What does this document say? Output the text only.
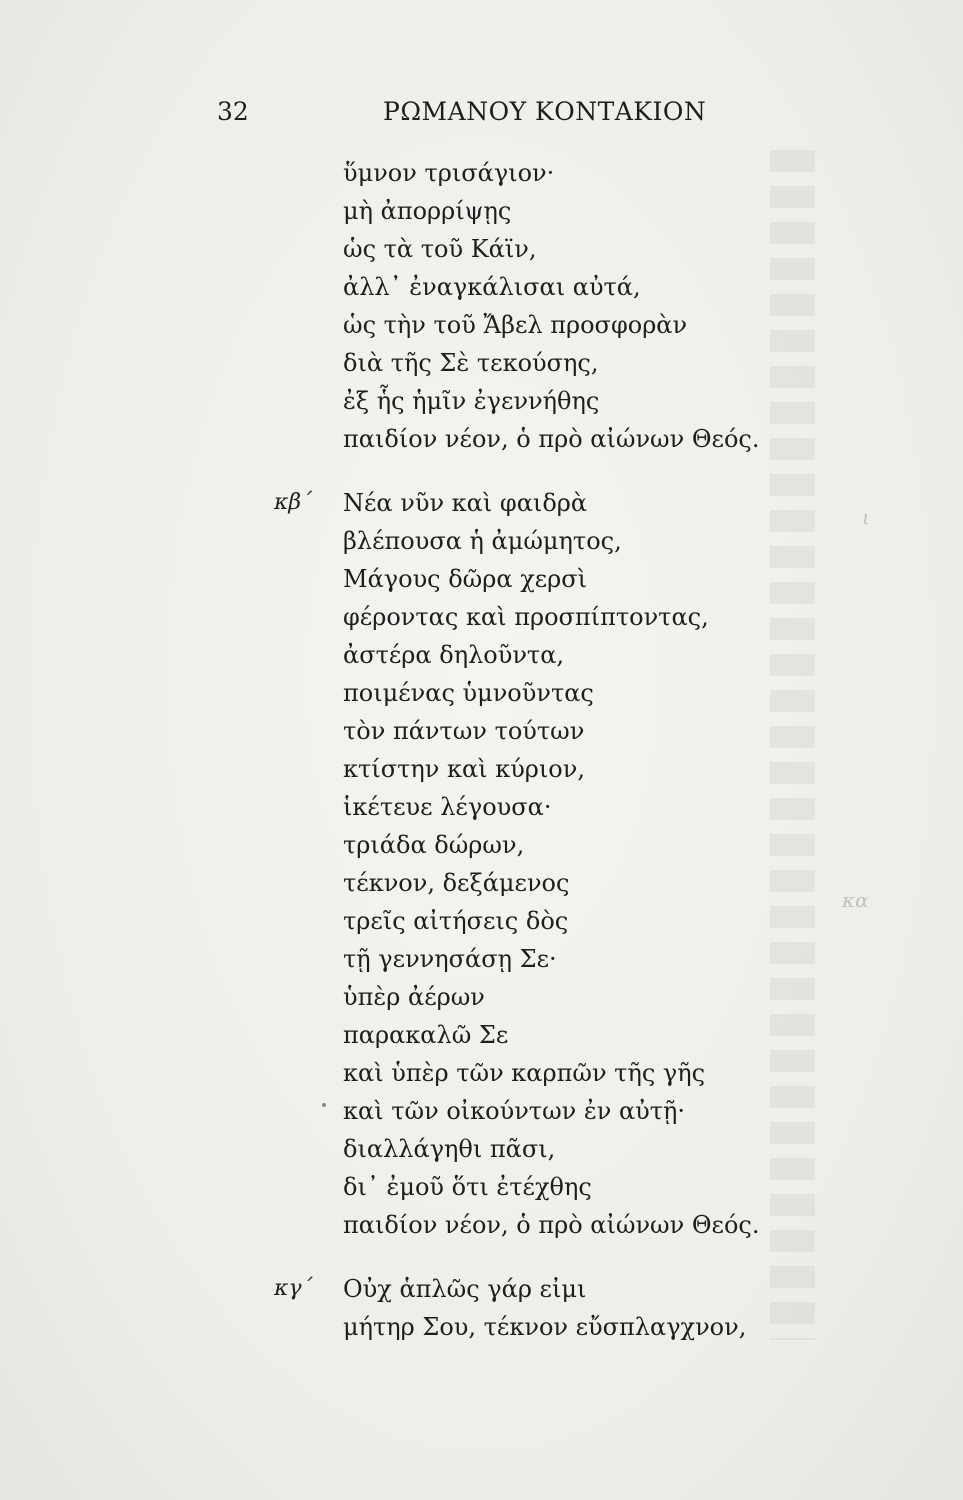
ι
κα
32	ΡΩΜΑΝΟΥ ΚΟΝΤΑΚΙΟΝ
ὕμνον τρισάγιον·
μὴ ἀπορρίψῃς
ὡς τὰ τοῦ Κάϊν,
ἀλλ᾽ ἐναγκάλισαι αὐτά,
ὡς τὴν τοῦ Ἄβελ προσφορὰν
διὰ τῆς Σὲ τεκούσης,
ἐξ ἧς ἡμῖν ἐγεννήθης
παιδίον νέον, ὁ πρὸ αἰώνων Θεός.
κβ΄ Νέα νῦν καὶ φαιδρὰ
βλέπουσα ἡ ἀμώμητος,
Μάγους δῶρα χερσὶ
φέροντας καὶ προσπίπτοντας,
ἀστέρα δηλοῦντα,
ποιμένας ὑμνοῦντας
τὸν πάντων τούτων
κτίστην καὶ κύριον,
ἱκέτευε λέγουσα·
τριάδα δώρων,
τέκνον, δεξάμενος
τρεῖς αἰτήσεις δὸς
τῇ γεννησάσῃ Σε·
ὑπὲρ ἀέρων
παρακαλῶ Σε
καὶ ὑπὲρ τῶν καρπῶν τῆς γῆς
καὶ τῶν οἰκούντων ἐν αὐτῇ·
διαλλάγηθι πᾶσι,
δι᾽ ἐμοῦ ὅτι ἐτέχθης
παιδίον νέον, ὁ πρὸ αἰώνων Θεός.
κγ΄ Οὐχ ἁπλῶς γάρ εἰμι
μήτηρ Σου, τέκνον εὔσπλαγχνον,
